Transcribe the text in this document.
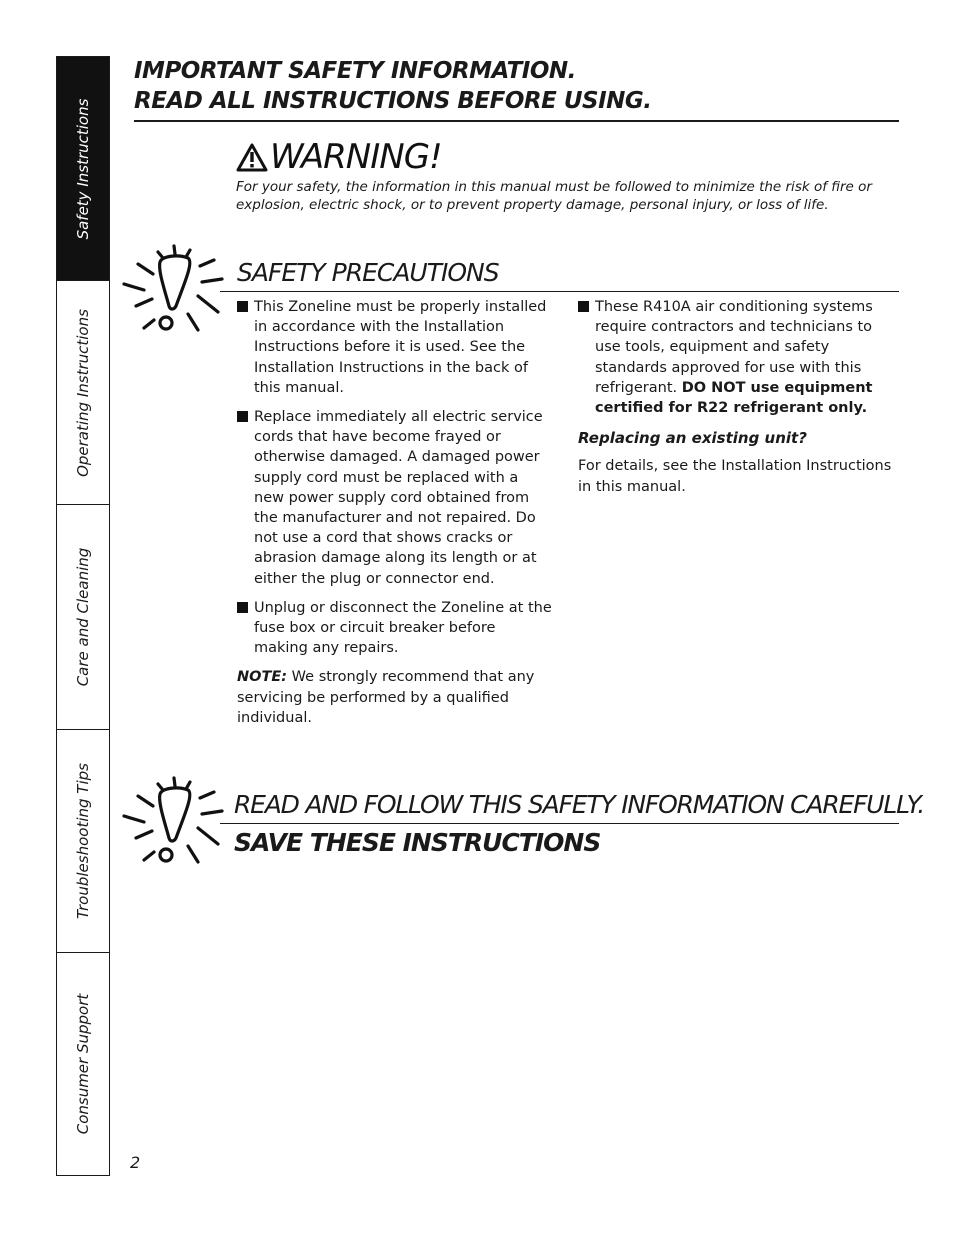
Safety Instructions
Operating Instructions
Care and Cleaning
Troubleshooting Tips
Consumer Support
IMPORTANT SAFETY INFORMATION.
READ ALL INSTRUCTIONS BEFORE USING.
WARNING!
For your safety, the information in this manual must be followed to minimize the risk of fire or explosion, electric shock, or to prevent property damage, personal injury, or loss of life.
SAFETY PRECAUTIONS
This Zoneline must be properly installed in accordance with the Installation Instructions before it is used. See the Installation Instructions in the back of this manual.
Replace immediately all electric service cords that have become frayed or otherwise damaged. A damaged power supply cord must be replaced with a new power supply cord obtained from the manufacturer and not repaired. Do not use a cord that shows cracks or abrasion damage along its length or at either the plug or connector end.
Unplug or disconnect the Zoneline at the fuse box or circuit breaker before making any repairs.
NOTE: We strongly recommend that any servicing be performed by a qualified individual.
These R410A air conditioning systems require contractors and technicians to use tools, equipment and safety standards approved for use with this refrigerant. DO NOT use equipment certified for R22 refrigerant only.
Replacing an existing unit?
For details, see the Installation Instructions in this manual.
READ AND FOLLOW THIS SAFETY INFORMATION CAREFULLY.
SAVE THESE INSTRUCTIONS
2
